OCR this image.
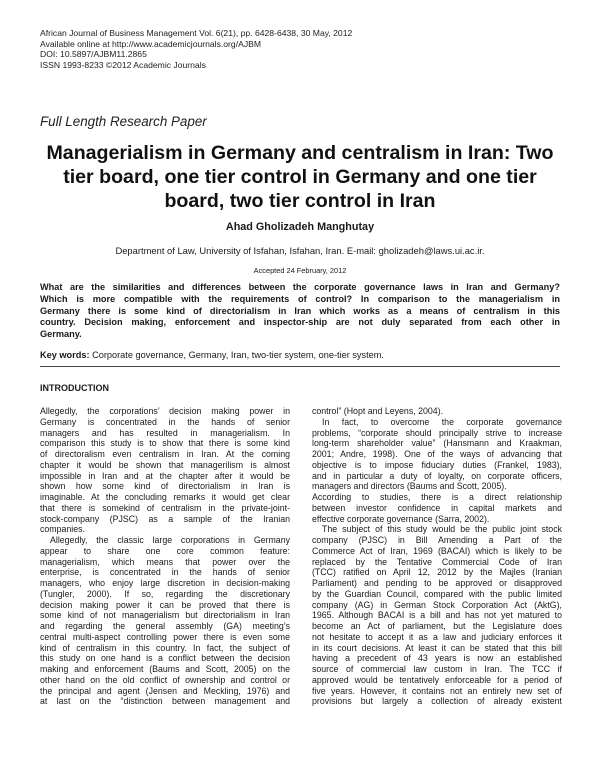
African Journal of Business Management Vol. 6(21), pp. 6428-6438, 30 May, 2012
Available online at http://www.academicjournals.org/AJBM
DOI: 10.5897/AJBM11.2865
ISSN 1993-8233 ©2012 Academic Journals
Full Length Research Paper
Managerialism in Germany and centralism in Iran: Two
tier board, one tier control in Germany and one tier
board, two tier control in Iran
Ahad Gholizadeh Manghutay
Department of Law, University of Isfahan, Isfahan, Iran. E-mail: gholizadeh@laws.ui.ac.ir.
Accepted 24 February, 2012
What are the similarities and differences between the corporate governance laws in Iran and Germany?
Which is more compatible with the requirements of control? In comparison to the managerialism in
Germany there is some kind of directorialism in Iran which works as a means of centralism in this
country. Decision making, enforcement and inspector-ship are not duly separated from each other in
Germany.
Key words: Corporate governance, Germany, Iran, two-tier system, one-tier system.
INTRODUCTION
Allegedly, the corporations’ decision making power in
Germany is concentrated in the hands of senior
managers and has resulted in managerialism. In
comparison this study is to show that there is some kind
of directoralism even centralism in Iran. At the coming
chapter it would be shown that managerilism is almost
impossible in Iran and at the chapter after it would be
shown how some kind of directorialism in Iran is
imaginable. At the concluding remarks it would get clear
that there is somekind of centralism in the private-joint-
stock-company (PJSC) as a sample of the Iranian
companies.
Allegedly, the classic large corporations in Germany
appear to share one core common feature:
managerialism, which means that power over the
enterprise, is concentrated in the hands of senior
managers, who enjoy large discretion in decision-making
(Tungler, 2000). If so, regarding the discretionary
decision making power it can be proved that there is
some kind of not managerialism but directorialism in Iran
and regarding the general assembly (GA) meeting’s
central multi-aspect controlling power there is even some
kind of centralism in this country. In fact, the subject of
this study on one hand is a conflict between the decision
making and enforcement (Baums and Scott, 2005) on the
other hand on the old conflict of ownership and control or
the principal and agent (Jensen and Meckling, 1976) and
at last on the “distinction between management and
control” (Hopt and Leyens, 2004).
In fact, to overcome the corporate governance
problems, “corporate should principally strive to increase
long-term shareholder value” (Hansmann and Kraakman,
2001; Andre, 1998). One of the ways of advancing that
objective is to impose fiduciary duties (Frankel, 1983),
and in particular a duty of loyalty, on corporate officers,
managers and directors (Baums and Scott, 2005).
According to studies, there is a direct relationship
between investor confidence in capital markets and
effective corporate governance (Sarra, 2002).
The subject of this study would be the public joint stock
company (PJSC) in Bill Amending a Part of the
Commerce Act of Iran, 1969 (BACAI) which is likely to be
replaced by the Tentative Commercial Code of Iran
(TCC) ratified on April 12, 2012 by the Majles (Iranian
Parliament) and pending to be approved or disapproved
by the Guardian Council, compared with the public limited
company (AG) in German Stock Corporation Act (AktG),
1965. Although BACAI is a bill and has not yet matured to
become an Act of parliament, but the Legislature does
not hesitate to accept it as a law and judiciary enforces it
in its court decisions. At least it can be stated that this bill
having a precedent of 43 years is now an established
source of commercial law custom in Iran. The TCC if
approved would be tentatively enforceable for a period of
five years. However, it contains not an entirely new set of
provisions but largely a collection of already existent
